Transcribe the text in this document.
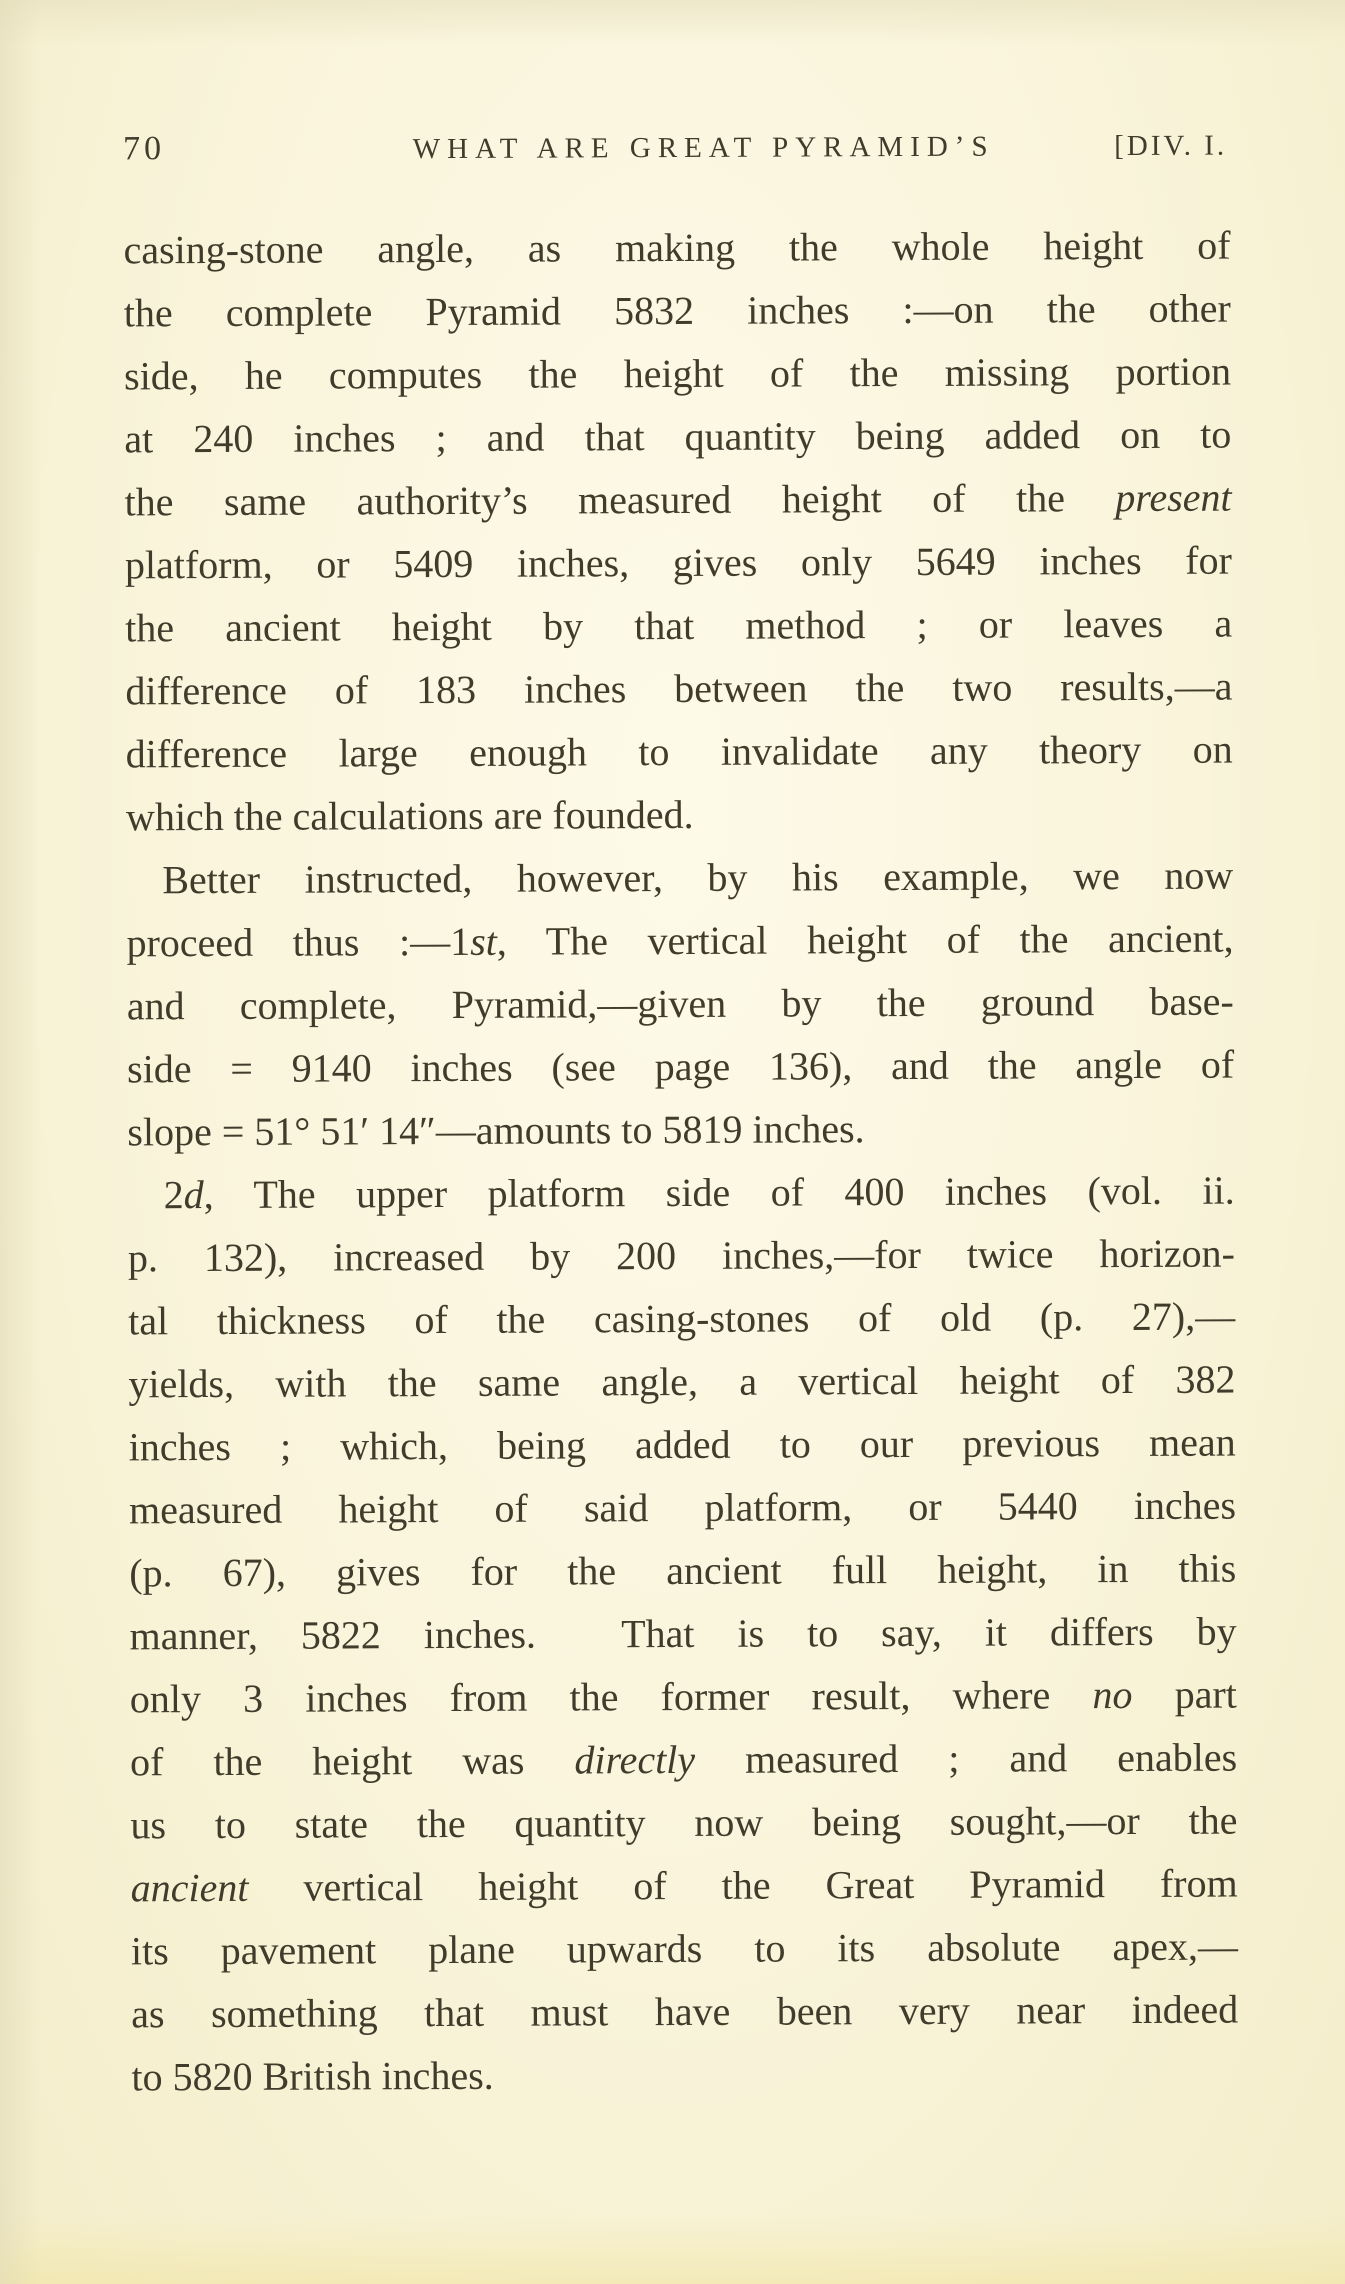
70	WHAT ARE GREAT PYRAMID’S	[DIV. I.
casing-stone angle, as making the whole height of
the complete Pyramid 5832 inches :—on the other
side, he computes the height of the missing portion
at 240 inches ; and that quantity being added on to
the same authority’s measured height of the present
platform, or 5409 inches, gives only 5649 inches for
the ancient height by that method ; or leaves a
difference of 183 inches between the two results,—a
difference large enough to invalidate any theory on
which the calculations are founded.
Better instructed, however, by his example, we now
proceed thus :—1st, The vertical height of the ancient,
and complete, Pyramid,—given by the ground base-
side = 9140 inches (see page 136), and the angle of
slope = 51° 51′ 14″—amounts to 5819 inches.
2d, The upper platform side of 400 inches (vol. ii.
p. 132), increased by 200 inches,—for twice horizon-
tal thickness of the casing-stones of old (p. 27),—
yields, with the same angle, a vertical height of 382
inches ; which, being added to our previous mean
measured height of said platform, or 5440 inches
(p. 67), gives for the ancient full height, in this
manner, 5822 inches.  That is to say, it differs by
only 3 inches from the former result, where no part
of the height was directly measured ; and enables
us to state the quantity now being sought,—or the
ancient vertical height of the Great Pyramid from
its pavement plane upwards to its absolute apex,—
as something that must have been very near indeed
to 5820 British inches.
